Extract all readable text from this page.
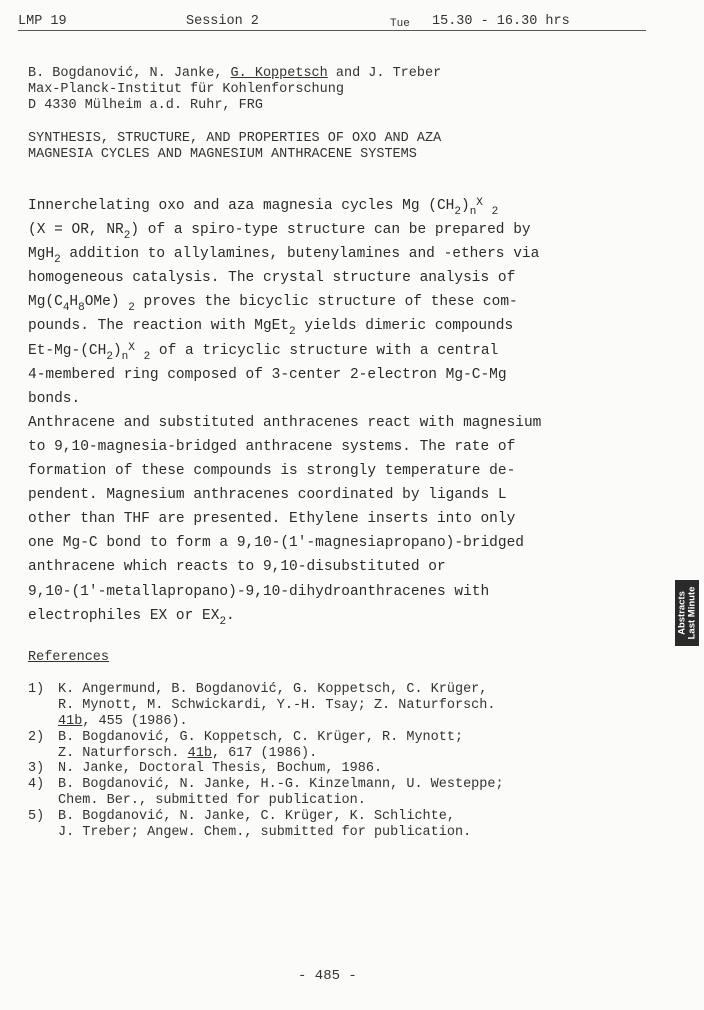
LMP 19	Session 2	Tue 15.30 - 16.30 hrs
B. Bogdanović, N. Janke, G. Koppetsch and J. Treber
Max-Planck-Institut für Kohlenforschung
D 4330 Mülheim a.d. Ruhr, FRG
SYNTHESIS, STRUCTURE, AND PROPERTIES OF OXO AND AZA
MAGNESIA CYCLES AND MAGNESIUM ANTHRACENE SYSTEMS
Innerchelating oxo and aza magnesia cycles Mg $(CH_2)_n^X$ $_2$
(X = OR, $NR_2$) of a spiro-type structure can be prepared by
MgH$_2$ addition to allylamines, butenylamines and -ethers via
homogeneous catalysis. The crystal structure analysis of
$Mg(C_4H_8OMe)$ $_2$ proves the bicyclic structure of these com-
pounds. The reaction with MgEt$_2$ yields dimeric compounds
$Et-Mg-(CH_2)_n^X$ $_2$ of a tricyclic structure with a central
4-membered ring composed of 3-center 2-electron Mg-C-Mg
bonds.
Anthracene and substituted anthracenes react with magnesium
to 9,10-magnesia-bridged anthracene systems. The rate of
formation of these compounds is strongly temperature de-
pendent. Magnesium anthracenes coordinated by ligands L
other than THF are presented. Ethylene inserts into only
one Mg-C bond to form a 9,10-(1'-magnesiapropano)-bridged
anthracene which reacts to 9,10-disubstituted or
9,10-(1'-metallapropano)-9,10-dihydroanthracenes with
electrophiles EX or $EX_2$.
References
1) K. Angermund, B. Bogdanović, G. Koppetsch, C. Krüger,
R. Mynott, M. Schwickardi, Y.-H. Tsay; Z. Naturforsch.
41b, 455 (1986).
2) B. Bogdanović, G. Koppetsch, C. Krüger, R. Mynott;
Z. Naturforsch. 41b, 617 (1986).
3) N. Janke, Doctoral Thesis, Bochum, 1986.
4) B. Bogdanović, N. Janke, H.-G. Kinzelmann, U. Westeppe;
Chem. Ber., submitted for publication.
5) B. Bogdanović, N. Janke, C. Krüger, K. Schlichte,
J. Treber; Angew. Chem., submitted for publication.
- 485 -
Abstracts Last Minute
